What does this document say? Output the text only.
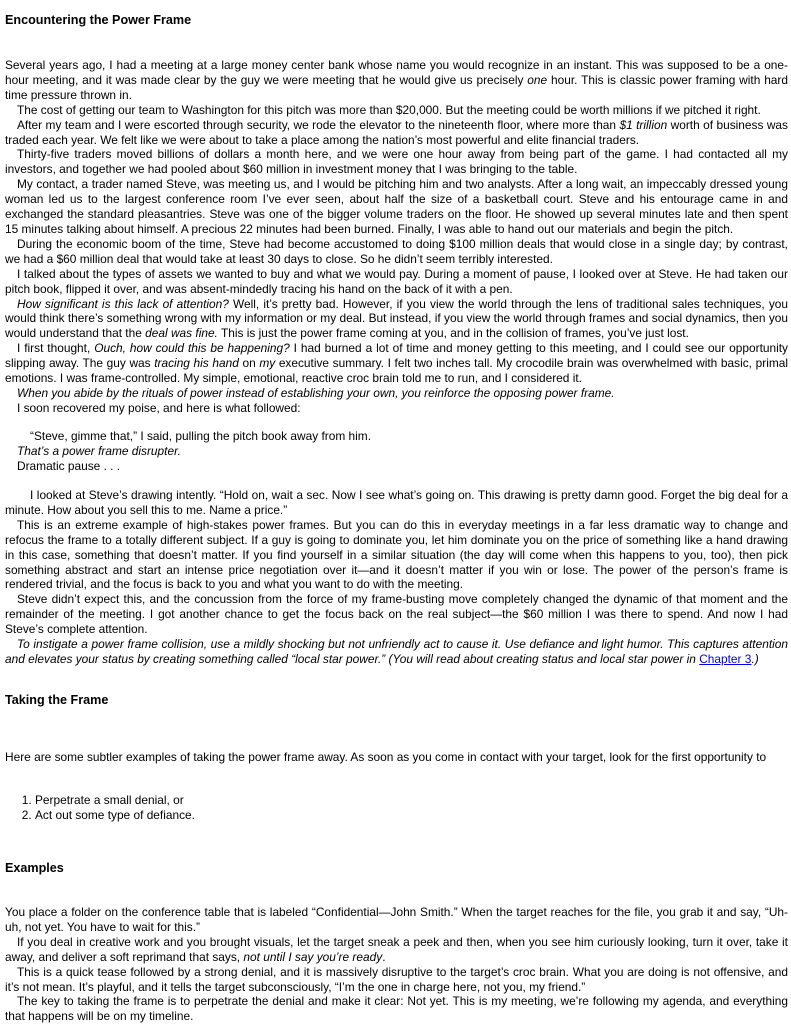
Encountering the Power Frame

Several years ago, I had a meeting at a large money center bank whose name you would recognize in an instant. This was supposed to be a one-hour meeting, and it was made clear by the guy we were meeting that he would give us precisely one hour. This is classic power framing with hard time pressure thrown in.

The cost of getting our team to Washington for this pitch was more than $20,000. But the meeting could be worth millions if we pitched it right.

After my team and I were escorted through security, we rode the elevator to the nineteenth floor, where more than $1 trillion worth of business was traded each year. We felt like we were about to take a place among the nation’s most powerful and elite financial traders.

Thirty-five traders moved billions of dollars a month here, and we were one hour away from being part of the game. I had contacted all my investors, and together we had pooled about $60 million in investment money that I was bringing to the table.

My contact, a trader named Steve, was meeting us, and I would be pitching him and two analysts. After a long wait, an impeccably dressed young woman led us to the largest conference room I’ve ever seen, about half the size of a basketball court. Steve and his entourage came in and exchanged the standard pleasantries. Steve was one of the bigger volume traders on the floor. He showed up several minutes late and then spent 15 minutes talking about himself. A precious 22 minutes had been burned. Finally, I was able to hand out our materials and begin the pitch.

During the economic boom of the time, Steve had become accustomed to doing $100 million deals that would close in a single day; by contrast, we had a $60 million deal that would take at least 30 days to close. So he didn’t seem terribly interested.

I talked about the types of assets we wanted to buy and what we would pay. During a moment of pause, I looked over at Steve. He had taken our pitch book, flipped it over, and was absent-mindedly tracing his hand on the back of it with a pen.

How significant is this lack of attention? Well, it’s pretty bad. However, if you view the world through the lens of traditional sales techniques, you would think there’s something wrong with my information or my deal. But instead, if you view the world through frames and social dynamics, then you would understand that the deal was fine. This is just the power frame coming at you, and in the collision of frames, you’ve just lost.

I first thought, Ouch, how could this be happening? I had burned a lot of time and money getting to this meeting, and I could see our opportunity slipping away. The guy was tracing his hand on my executive summary. I felt two inches tall. My crocodile brain was overwhelmed with basic, primal emotions. I was frame-controlled. My simple, emotional, reactive croc brain told me to run, and I considered it.

When you abide by the rituals of power instead of establishing your own, you reinforce the opposing power frame.

I soon recovered my poise, and here is what followed:

“Steve, gimme that,” I said, pulling the pitch book away from him.

That’s a power frame disrupter.

Dramatic pause . . .

I looked at Steve’s drawing intently. “Hold on, wait a sec. Now I see what’s going on. This drawing is pretty damn good. Forget the big deal for a minute. How about you sell this to me. Name a price.”

This is an extreme example of high-stakes power frames. But you can do this in everyday meetings in a far less dramatic way to change and refocus the frame to a totally different subject. If a guy is going to dominate you, let him dominate you on the price of something like a hand drawing in this case, something that doesn’t matter. If you find yourself in a similar situation (the day will come when this happens to you, too), then pick something abstract and start an intense price negotiation over it—and it doesn’t matter if you win or lose. The power of the person’s frame is rendered trivial, and the focus is back to you and what you want to do with the meeting.

Steve didn’t expect this, and the concussion from the force of my frame-busting move completely changed the dynamic of that moment and the remainder of the meeting. I got another chance to get the focus back on the real subject—the $60 million I was there to spend. And now I had Steve’s complete attention.

To instigate a power frame collision, use a mildly shocking but not unfriendly act to cause it. Use defiance and light humor. This captures attention and elevates your status by creating something called “local star power.” (You will read about creating status and local star power in Chapter 3.)

Taking the Frame

Here are some subtler examples of taking the power frame away. As soon as you come in contact with your target, look for the first opportunity to

1. Perpetrate a small denial, or
2. Act out some type of defiance.
Examples

You place a folder on the conference table that is labeled “Confidential—John Smith.” When the target reaches for the file, you grab it and say, “Uh-uh, not yet. You have to wait for this.”

If you deal in creative work and you brought visuals, let the target sneak a peek and then, when you see him curiously looking, turn it over, take it away, and deliver a soft reprimand that says, not until I say you’re ready.

This is a quick tease followed by a strong denial, and it is massively disruptive to the target’s croc brain. What you are doing is not offensive, and it’s not mean. It’s playful, and it tells the target subconsciously, “I’m the one in charge here, not you, my friend.”

The key to taking the frame is to perpetrate the denial and make it clear: Not yet. This is my meeting, we’re following my agenda, and everything that happens will be on my timeline.
